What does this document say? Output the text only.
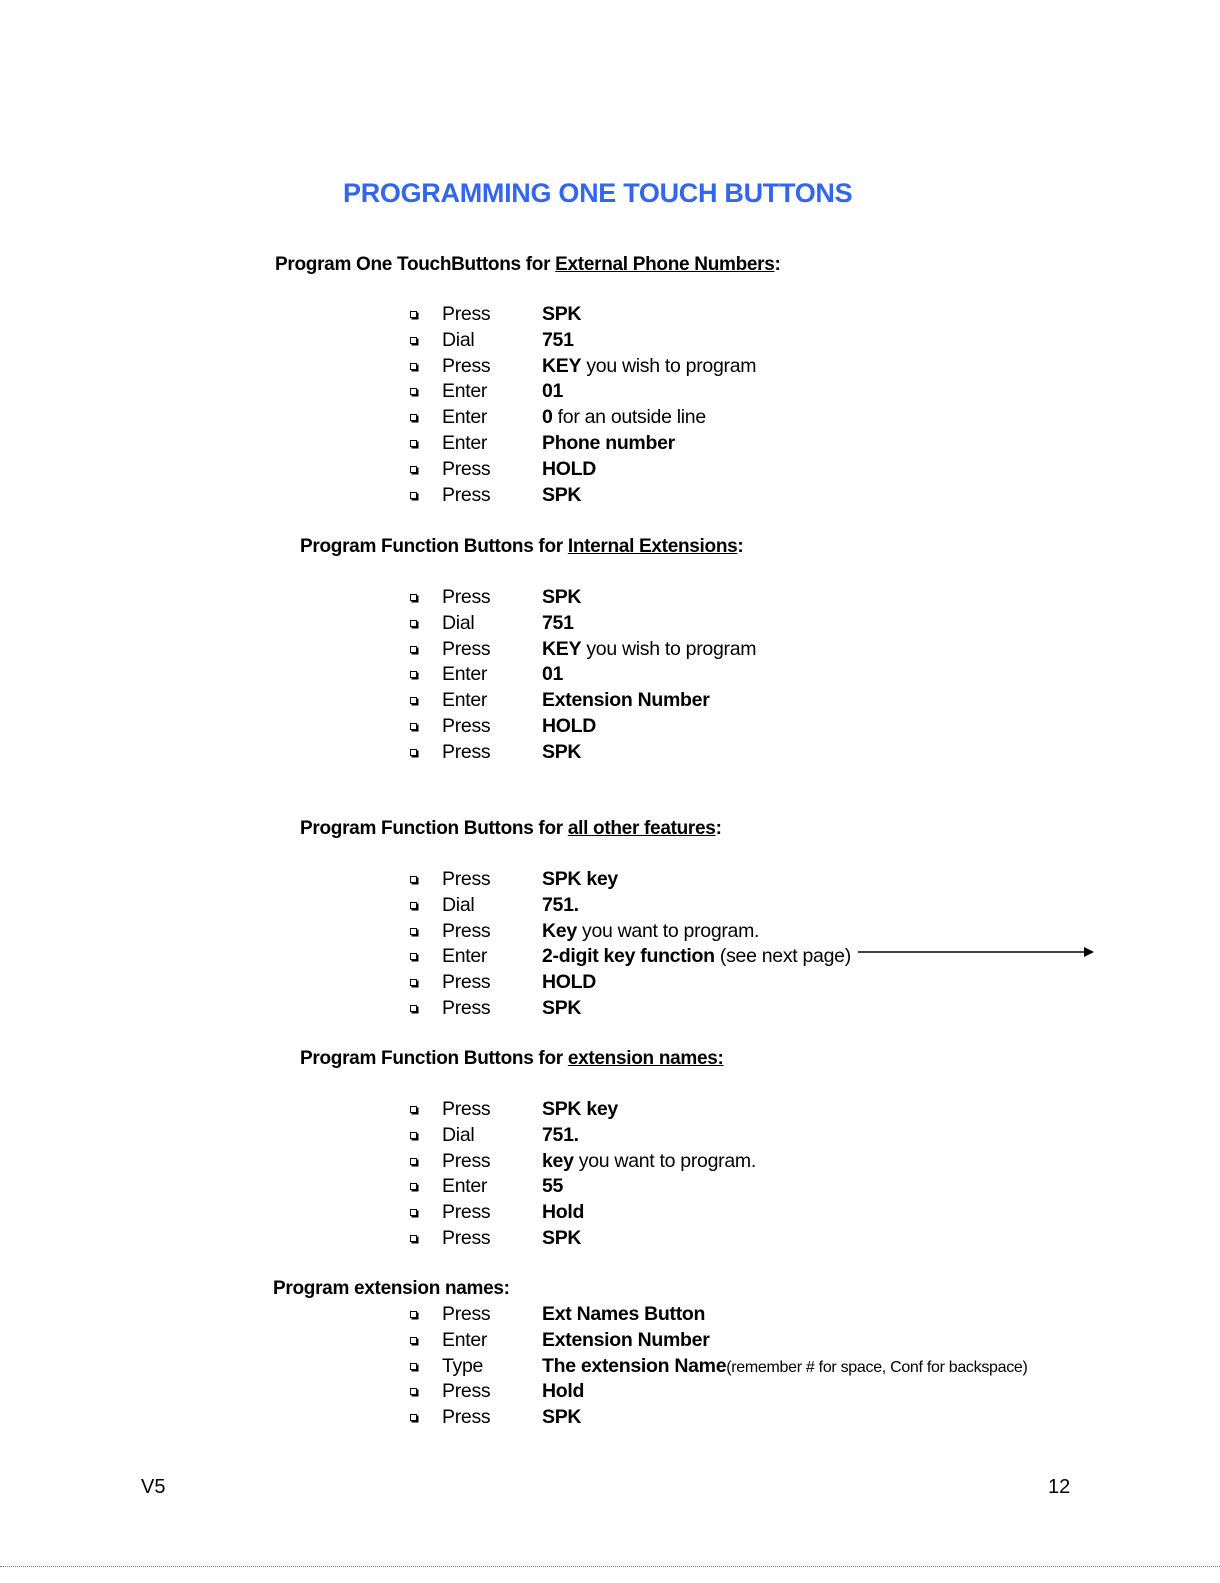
PROGRAMMING ONE TOUCH BUTTONS
Program One TouchButtons for External Phone Numbers:
Press	SPK
Dial	751
Press	KEY you wish to program
Enter	01
Enter	0 for an outside line
Enter	Phone number
Press	HOLD
Press	SPK
Program Function Buttons for Internal Extensions:
Press	SPK
Dial	751
Press	KEY you wish to program
Enter	01
Enter	Extension Number
Press	HOLD
Press	SPK
Program Function Buttons for all other features:
Press	SPK key
Dial	751.
Press	Key you want to program.
Enter	2-digit key function (see next page)
Press	HOLD
Press	SPK
Program Function Buttons for extension names:
Press	SPK key
Dial	751.
Press	key you want to program.
Enter	55
Press	Hold
Press	SPK
Program extension names:
Press	Ext Names Button
Enter	Extension Number
Type	The extension Name(remember # for space, Conf for backspace)
Press	Hold
Press	SPK
V5	12
